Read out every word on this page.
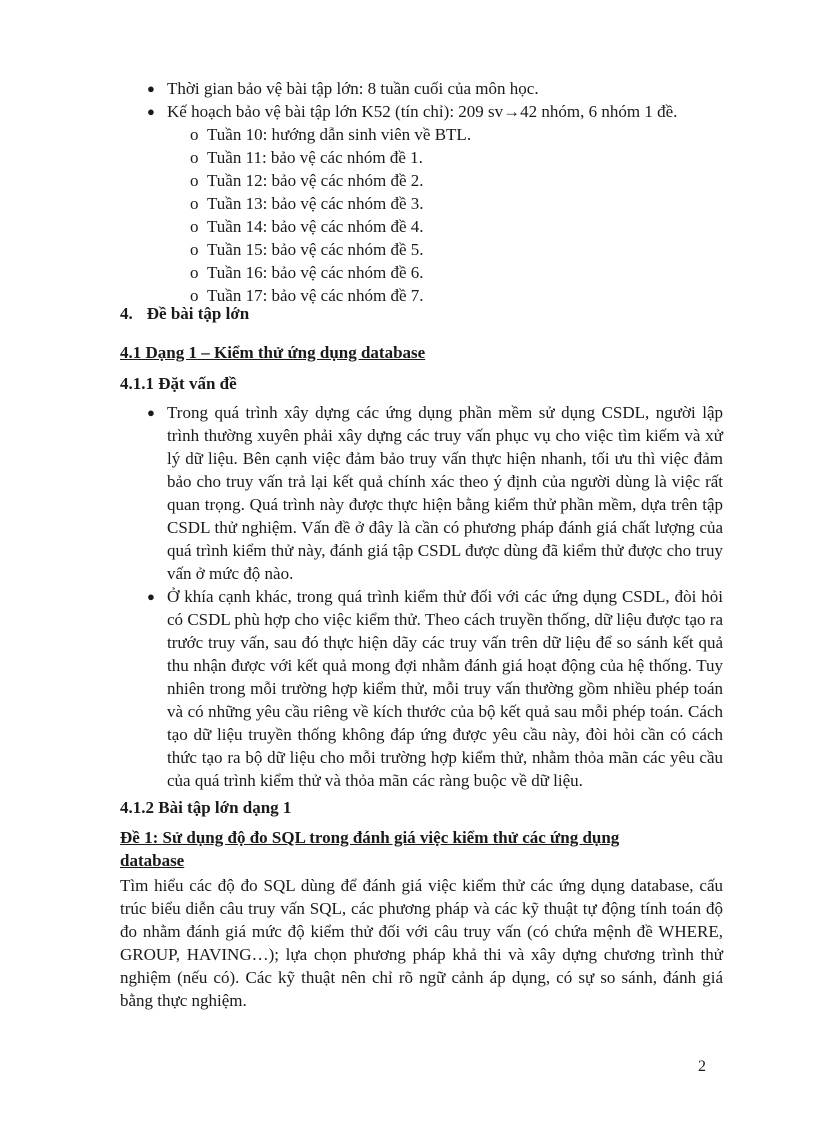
● Thời gian bảo vệ bài tập lớn: 8 tuần cuối của môn học.
● Kế hoạch bảo vệ bài tập lớn K52 (tín chỉ): 209 sv→42 nhóm, 6 nhóm 1 đề.
o Tuần 10: hướng dẫn sinh viên về BTL.
o Tuần 11: bảo vệ các nhóm đề 1.
o Tuần 12: bảo vệ các nhóm đề 2.
o Tuần 13: bảo vệ các nhóm đề 3.
o Tuần 14: bảo vệ các nhóm đề 4.
o Tuần 15: bảo vệ các nhóm đề 5.
o Tuần 16: bảo vệ các nhóm đề 6.
o Tuần 17: bảo vệ các nhóm đề 7.
4. Đề bài tập lớn
4.1 Dạng 1 – Kiểm thử ứng dụng database
4.1.1 Đặt vấn đề
● Trong quá trình xây dựng các ứng dụng phần mềm sử dụng CSDL, người lập trình thường xuyên phải xây dựng các truy vấn phục vụ cho việc tìm kiếm và xử lý dữ liệu. Bên cạnh việc đảm bảo truy vấn thực hiện nhanh, tối ưu thì việc đảm bảo cho truy vấn trả lại kết quả chính xác theo ý định của người dùng là việc rất quan trọng. Quá trình này được thực hiện bằng kiểm thử phần mềm, dựa trên tập CSDL thử nghiệm. Vấn đề ở đây là cần có phương pháp đánh giá chất lượng của quá trình kiểm thử này, đánh giá tập CSDL được dùng đã kiểm thử được cho truy vấn ở mức độ nào.
● Ở khía cạnh khác, trong quá trình kiểm thử đối với các ứng dụng CSDL, đòi hỏi có CSDL phù hợp cho việc kiểm thử. Theo cách truyền thống, dữ liệu được tạo ra trước truy vấn, sau đó thực hiện dãy các truy vấn trên dữ liệu để so sánh kết quả thu nhận được với kết quả mong đợi nhằm đánh giá hoạt động của hệ thống. Tuy nhiên trong mỗi trường hợp kiểm thử, mỗi truy vấn thường gồm nhiều phép toán và có những yêu cầu riêng về kích thước của bộ kết quả sau mỗi phép toán. Cách tạo dữ liệu truyền thống không đáp ứng được yêu cầu này, đòi hỏi cần có cách thức tạo ra bộ dữ liệu cho mỗi trường hợp kiểm thử, nhằm thỏa mãn các yêu cầu của quá trình kiểm thử và thỏa mãn các ràng buộc về dữ liệu.
4.1.2 Bài tập lớn dạng 1
Đề 1: Sử dụng độ đo SQL trong đánh giá việc kiểm thử các ứng dụng database

Tìm hiểu các độ đo SQL dùng để đánh giá việc kiểm thử các ứng dụng database, cấu trúc biểu diễn câu truy vấn SQL, các phương pháp và các kỹ thuật tự động tính toán độ đo nhằm đánh giá mức độ kiểm thử đối với câu truy vấn (có chứa mệnh đề WHERE, GROUP, HAVING…); lựa chọn phương pháp khả thi và xây dựng chương trình thử nghiệm (nếu có). Các kỹ thuật nên chỉ rõ ngữ cảnh áp dụng, có sự so sánh, đánh giá bằng thực nghiệm.

2
